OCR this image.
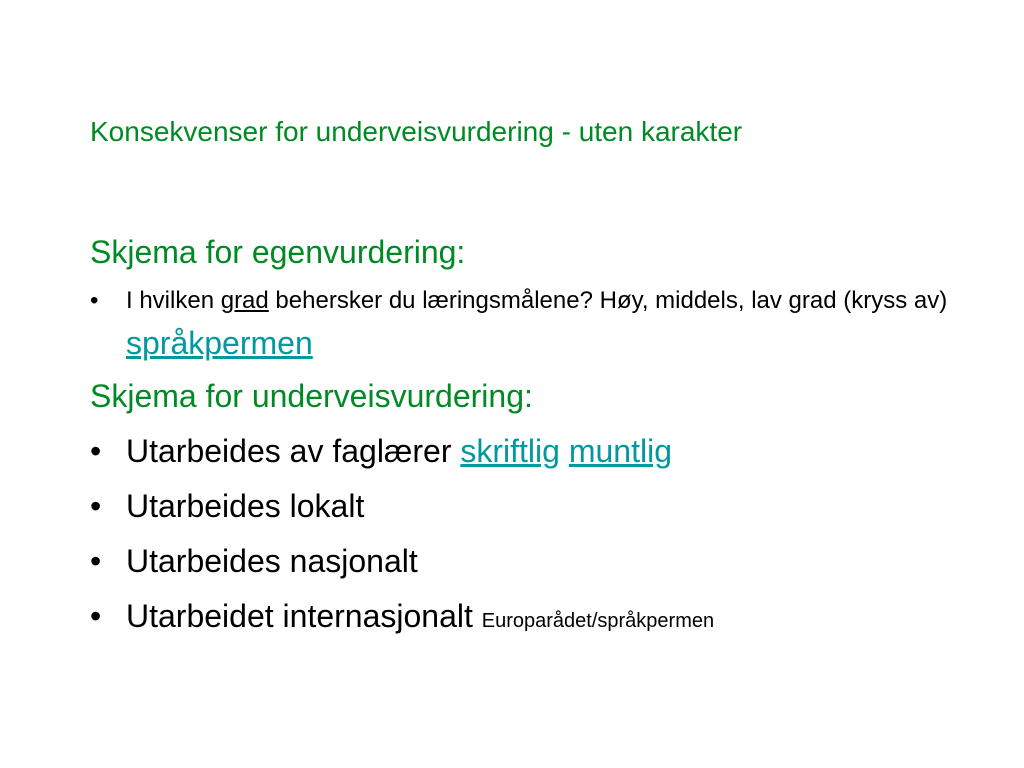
Konsekvenser for underveisvurdering - uten karakter
Skjema for egenvurdering:
• I hvilken grad behersker du læringsmålene? Høy, middels, lav grad (kryss av) språkpermen
Skjema for underveisvurdering:
• Utarbeides av faglærer skriftlig muntlig
• Utarbeides lokalt
• Utarbeides nasjonalt
• Utarbeidet internasjonalt Europarådet/språkpermen
